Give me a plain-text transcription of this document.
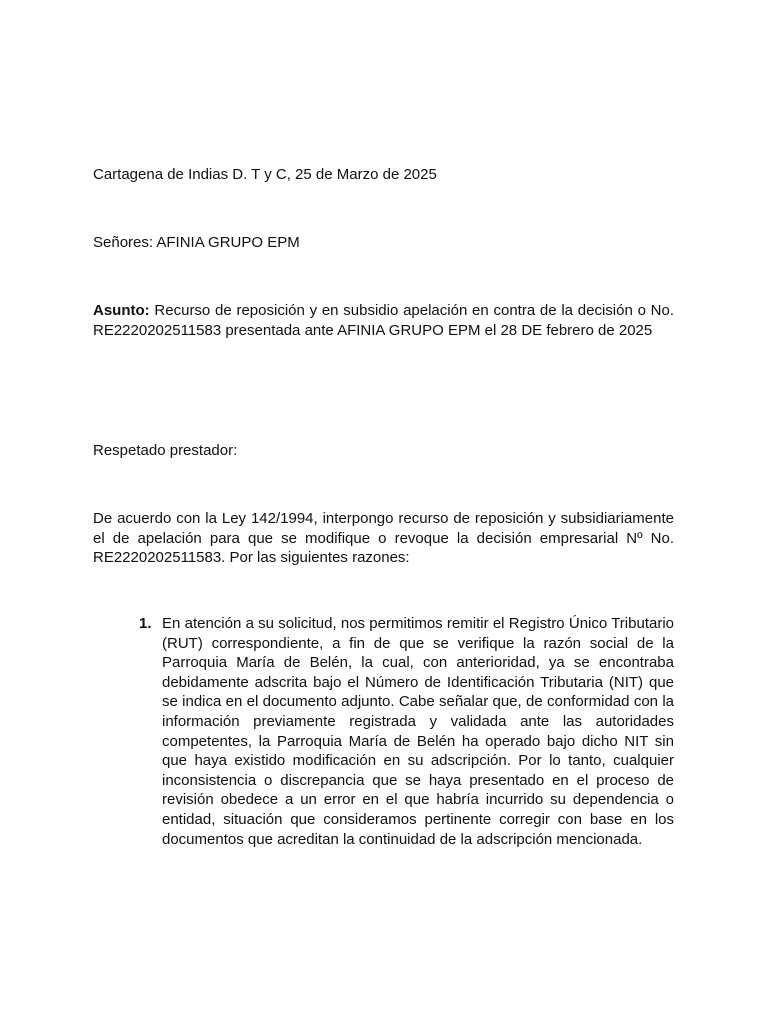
Cartagena de Indias D. T y C, 25 de Marzo de 2025

Señores: AFINIA GRUPO EPM

Asunto: Recurso de reposición y en subsidio apelación en contra de la decisión o No. RE2220202511583 presentada ante AFINIA GRUPO EPM el 28 DE febrero de 2025

Respetado prestador:

De acuerdo con la Ley 142/1994, interpongo recurso de reposición y subsidiariamente el de apelación para que se modifique o revoque la decisión empresarial Nº No. RE2220202511583. Por las siguientes razones:

1. En atención a su solicitud, nos permitimos remitir el Registro Único Tributario (RUT) correspondiente, a fin de que se verifique la razón social de la Parroquia María de Belén, la cual, con anterioridad, ya se encontraba debidamente adscrita bajo el Número de Identificación Tributaria (NIT) que se indica en el documento adjunto. Cabe señalar que, de conformidad con la información previamente registrada y validada ante las autoridades competentes, la Parroquia María de Belén ha operado bajo dicho NIT sin que haya existido modificación en su adscripción. Por lo tanto, cualquier inconsistencia o discrepancia que se haya presentado en el proceso de revisión obedece a un error en el que habría incurrido su dependencia o entidad, situación que consideramos pertinente corregir con base en los documentos que acreditan la continuidad de la adscripción mencionada.
